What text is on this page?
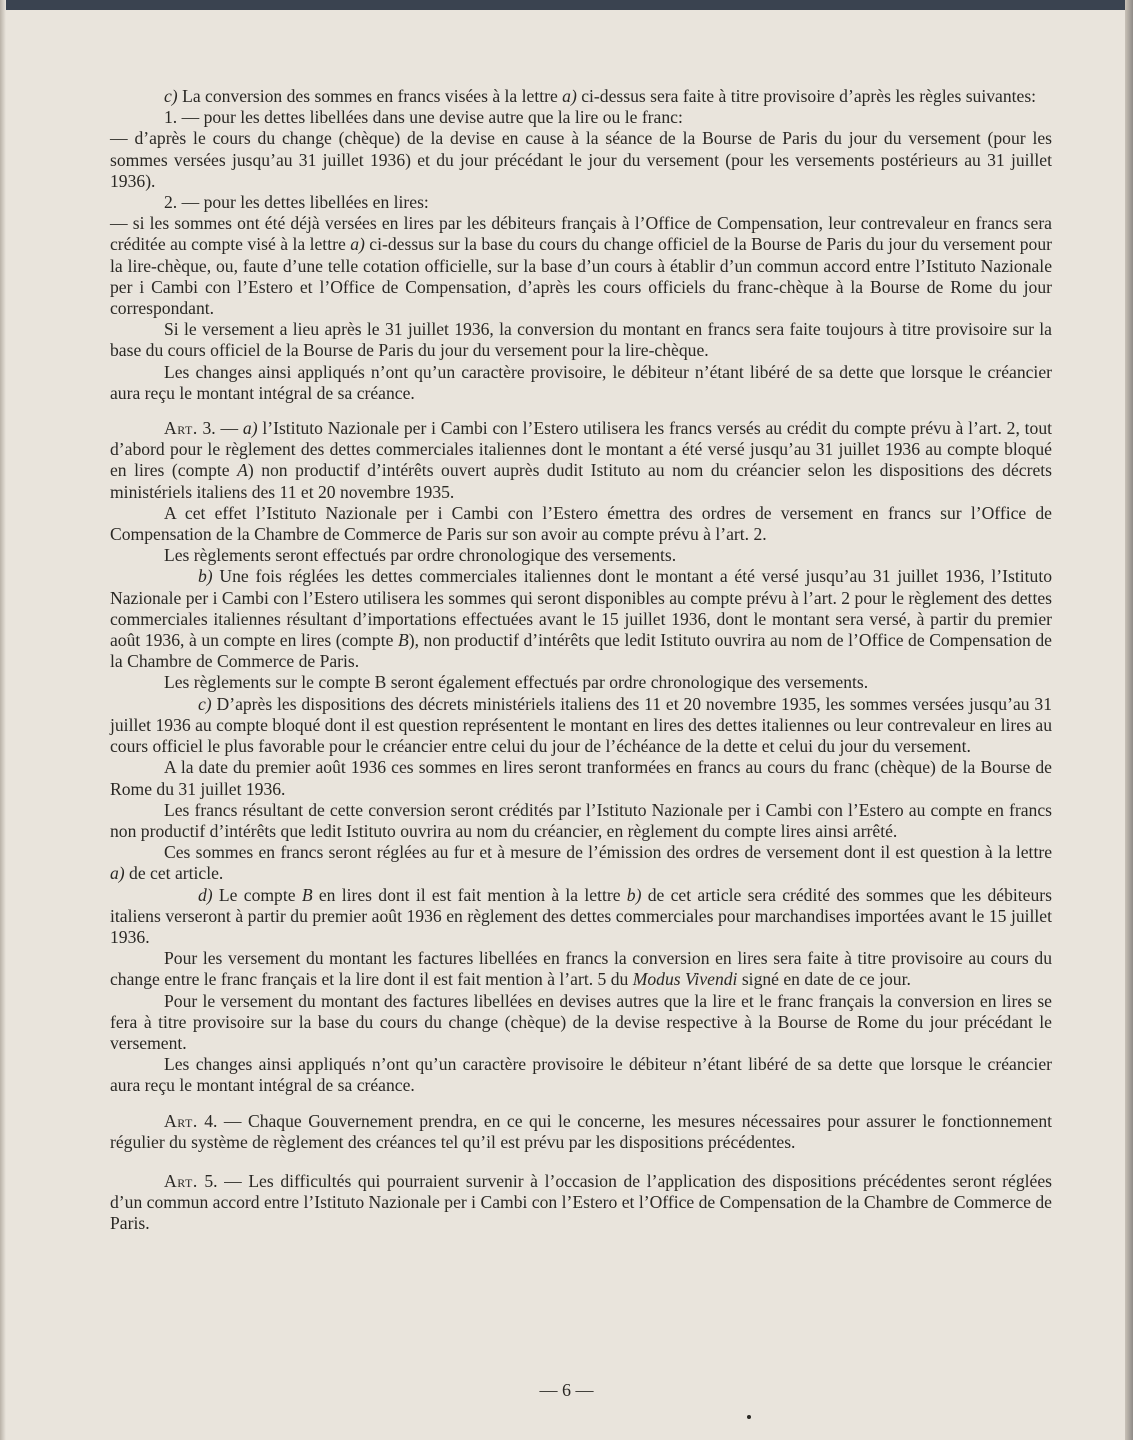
c) La conversion des sommes en francs visées à la lettre a) ci-dessus sera faite à titre provisoire d’après les règles suivantes:

1. — pour les dettes libellées dans une devise autre que la lire ou le franc:

— d’après le cours du change (chèque) de la devise en cause à la séance de la Bourse de Paris du jour du versement (pour les sommes versées jusqu’au 31 juillet 1936) et du jour précédant le jour du versement (pour les versements postérieurs au 31 juillet 1936).

2. — pour les dettes libellées en lires:

— si les sommes ont été déjà versées en lires par les débiteurs français à l’Office de Compensation, leur contrevaleur en francs sera créditée au compte visé à la lettre a) ci-dessus sur la base du cours du change officiel de la Bourse de Paris du jour du versement pour la lire-chèque, ou, faute d’une telle cotation officielle, sur la base d’un cours à établir d’un commun accord entre l’Istituto Nazionale per i Cambi con l’Estero et l’Office de Compensation, d’après les cours officiels du franc-chèque à la Bourse de Rome du jour correspondant.

Si le versement a lieu après le 31 juillet 1936, la conversion du montant en francs sera faite toujours à titre provisoire sur la base du cours officiel de la Bourse de Paris du jour du versement pour la lire-chèque.

Les changes ainsi appliqués n’ont qu’un caractère provisoire, le débiteur n’étant libéré de sa dette que lorsque le créancier aura reçu le montant intégral de sa créance.

Art. 3. — a) l’Istituto Nazionale per i Cambi con l’Estero utilisera les francs versés au crédit du compte prévu à l’art. 2, tout d’abord pour le règlement des dettes commerciales italiennes dont le montant a été versé jusqu’au 31 juillet 1936 au compte bloqué en lires (compte A) non productif d’intérêts ouvert auprès dudit Istituto au nom du créancier selon les dispositions des décrets ministériels italiens des 11 et 20 novembre 1935.

A cet effet l’Istituto Nazionale per i Cambi con l’Estero émettra des ordres de versement en francs sur l’Office de Compensation de la Chambre de Commerce de Paris sur son avoir au compte prévu à l’art. 2.

Les règlements seront effectués par ordre chronologique des versements.

b) Une fois réglées les dettes commerciales italiennes dont le montant a été versé jusqu’au 31 juillet 1936, l’Istituto Nazionale per i Cambi con l’Estero utilisera les sommes qui seront disponibles au compte prévu à l’art. 2 pour le règlement des dettes commerciales italiennes résultant d’importations effectuées avant le 15 juillet 1936, dont le montant sera versé, à partir du premier août 1936, à un compte en lires (compte B), non productif d’intérêts que ledit Istituto ouvrira au nom de l’Office de Compensation de la Chambre de Commerce de Paris.

Les règlements sur le compte B seront également effectués par ordre chronologique des versements.

c) D’après les dispositions des décrets ministériels italiens des 11 et 20 novembre 1935, les sommes versées jusqu’au 31 juillet 1936 au compte bloqué dont il est question représentent le montant en lires des dettes italiennes ou leur contrevaleur en lires au cours officiel le plus favorable pour le créancier entre celui du jour de l’échéance de la dette et celui du jour du versement.

A la date du premier août 1936 ces sommes en lires seront tranformées en francs au cours du franc (chèque) de la Bourse de Rome du 31 juillet 1936.

Les francs résultant de cette conversion seront crédités par l’Istituto Nazionale per i Cambi con l’Estero au compte en francs non productif d’intérêts que ledit Istituto ouvrira au nom du créancier, en règlement du compte lires ainsi arrêté.

Ces sommes en francs seront réglées au fur et à mesure de l’émission des ordres de versement dont il est question à la lettre a) de cet article.

d) Le compte B en lires dont il est fait mention à la lettre b) de cet article sera crédité des sommes que les débiteurs italiens verseront à partir du premier août 1936 en règlement des dettes commerciales pour marchandises importées avant le 15 juillet 1936.

Pour les versement du montant les factures libellées en francs la conversion en lires sera faite à titre provisoire au cours du change entre le franc français et la lire dont il est fait mention à l’art. 5 du Modus Vivendi signé en date de ce jour.

Pour le versement du montant des factures libellées en devises autres que la lire et le franc français la conversion en lires se fera à titre provisoire sur la base du cours du change (chèque) de la devise respective à la Bourse de Rome du jour précédant le versement.

Les changes ainsi appliqués n’ont qu’un caractère provisoire le débiteur n’étant libéré de sa dette que lorsque le créancier aura reçu le montant intégral de sa créance.

Art. 4. — Chaque Gouvernement prendra, en ce qui le concerne, les mesures nécessaires pour assurer le fonctionnement régulier du système de règlement des créances tel qu’il est prévu par les dispositions précédentes.

Art. 5. — Les difficultés qui pourraient survenir à l’occasion de l’application des dispositions précédentes seront réglées d’un commun accord entre l’Istituto Nazionale per i Cambi con l’Estero et l’Office de Compensation de la Chambre de Commerce de Paris.

— 6 —
